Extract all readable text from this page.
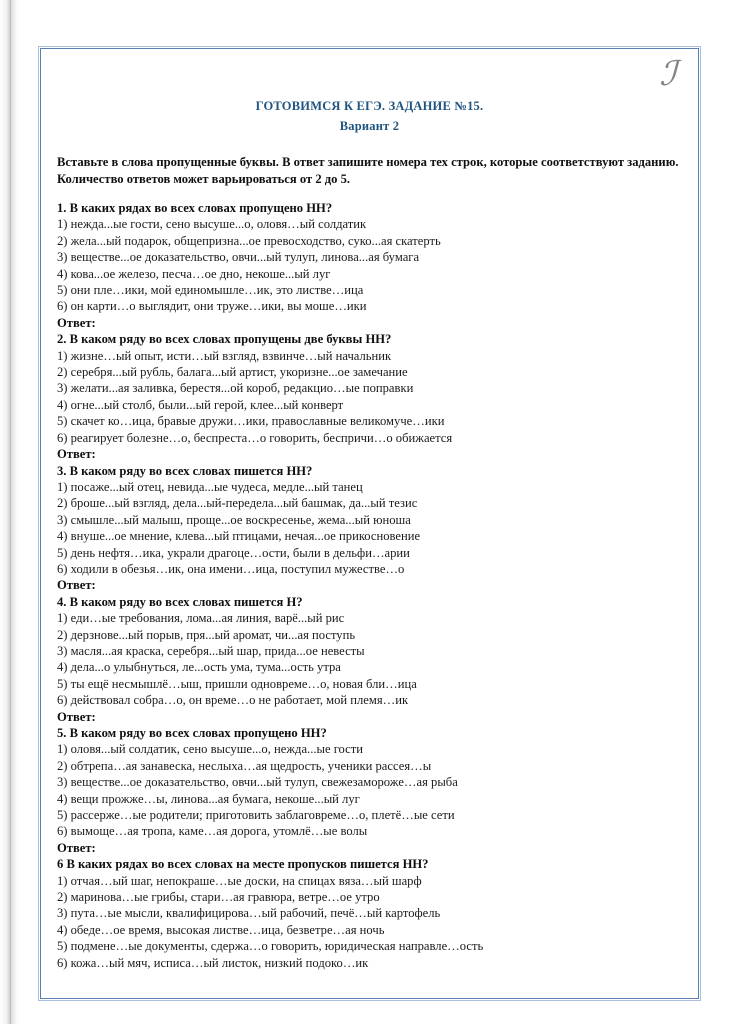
ℐ
ГОТОВИМСЯ К ЕГЭ. ЗАДАНИЕ №15.
Вариант 2
Вставьте в слова пропущенные буквы. В ответ запишите номера тех строк, которые соответствуют заданию. Количество ответов может варьироваться от 2 до 5.
1. В каких рядах во всех словах пропущено НН?
1) нежда...ые гости, сено высуше...о, оловя…ый солдатик
2) жела...ый подарок, общепризна...ое превосходство, суко...ая скатерть
3) веществе...ое доказательство, овчи...ый тулуп, линова...ая бумага
4) кова...ое железо, песча…ое дно, некоше...ый луг
5) они пле…ики, мой единомышле…ик, это листве…ица
6) он карти…о выглядит, они труже…ики, вы моше…ики
Ответ:
2. В каком ряду во всех словах пропущены две буквы НН?
1) жизне…ый опыт, исти…ый взгляд, взвинче…ый начальник
2) серебря...ый рубль, балага...ый артист, укоризне...ое замечание
3) желати...ая заливка, берестя...ой короб, редакцио…ые поправки
4) огне...ый столб, были...ый герой, клее...ый конверт
5) скачет ко…ица, бравые дружи…ики, православные великомуче…ики
6) реагирует болезне…о, беспреста…о говорить, беспричи…о обижается
Ответ:
3. В каком ряду во всех словах пишется НН?
1) посаже...ый отец, невида...ые чудеса, медле...ый танец
2) броше...ый взгляд, дела...ый-передела...ый башмак, да...ый тезис
3) смышле...ый малыш, проще...ое воскресенье, жема...ый юноша
4) внуше...ое мнение, клева...ый птицами, нечая...ое прикосновение
5) день нефтя…ика, украли драгоце…ости, были в дельфи…арии
6) ходили в обезья…ик, она имени…ица, поступил мужестве…о
Ответ:
4. В каком ряду во всех словах пишется Н?
1) еди…ые требования, лома...ая линия, варё...ый рис
2) дерзнове...ый порыв, пря...ый аромат, чи...ая поступь
3) масля...ая краска, серебря...ый шар, прида...ое невесты
4) дела...о улыбнуться, ле...ость ума, тума...ость утра
5) ты ещё несмышлё…ыш, пришли одновреме…о, новая бли…ица
6) действовал собра…о, он време…о не работает, мой племя…ик
Ответ:
5. В каком ряду во всех словах пропущено НН?
1) оловя...ый солдатик, сено высуше...о, нежда...ые гости
2) обтрепа…ая занавеска, неслыха…ая щедрость, ученики рассея…ы
3) веществе...ое доказательство, овчи...ый тулуп, свежезамороже…ая рыба
4) вещи прожже…ы, линова...ая бумага, некоше...ый луг
5) рассерже…ые родители; приготовить заблаговреме…о, плетё…ые сети
6) вымоще…ая тропа, каме…ая дорога, утомлё…ые волы
Ответ:
6 В каких рядах во всех словах на месте пропусков пишется НН?
1) отчая…ый шаг, непокраше…ые доски, на спицах вяза…ый шарф
2) маринова…ые грибы, стари…ая гравюра, ветре…ое утро
3) пута…ые мысли, квалифицирова…ый рабочий, печё…ый картофель
4) обеде…ое время, высокая листве…ица, безветре…ая ночь
5) подмене…ые документы, сдержа…о говорить, юридическая направле…ость
6) кожа…ый мяч, исписа…ый листок, низкий подоко…ик
